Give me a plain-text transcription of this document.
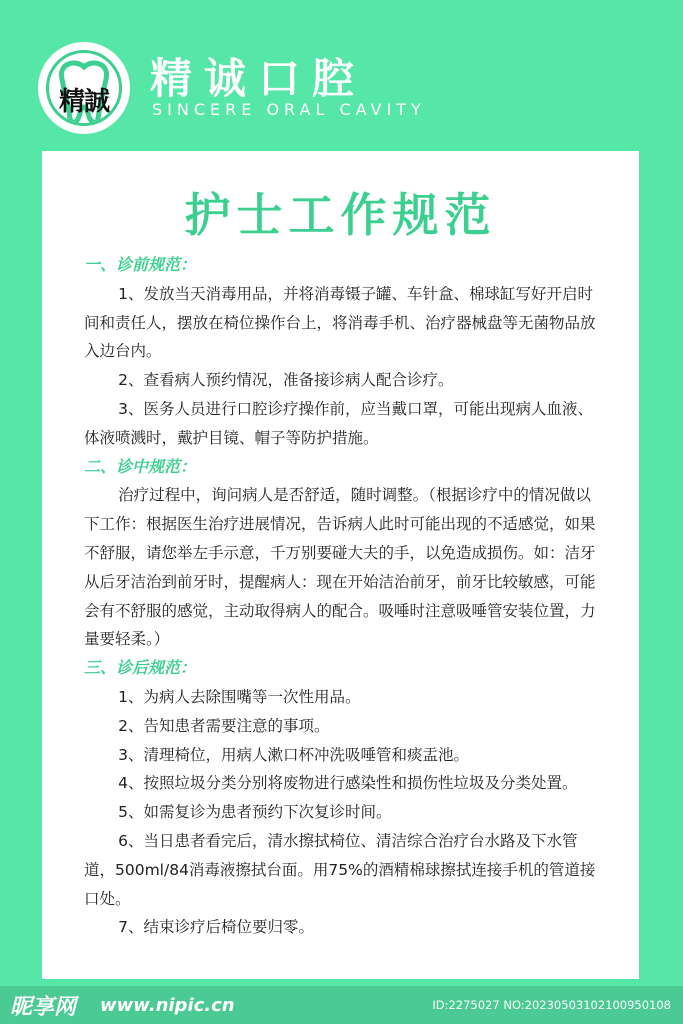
精誠 精诚口腔
SINCERE ORAL CAVITY
护士工作规范
一、诊前规范：

1、发放当天消毒用品，并将消毒镊子罐、车针盒、棉球缸写好开启时间和责任人，摆放在椅位操作台上，将消毒手机、治疗器械盘等无菌物品放入边台内。

2、查看病人预约情况，准备接诊病人配合诊疗。

3、医务人员进行口腔诊疗操作前，应当戴口罩，可能出现病人血液、体液喷溅时，戴护目镜、帽子等防护措施。

二、诊中规范：

治疗过程中，询问病人是否舒适，随时调整。（根据诊疗中的情况做以下工作：根据医生治疗进展情况，告诉病人此时可能出现的不适感觉，如果不舒服，请您举左手示意，千万别要碰大夫的手，以免造成损伤。如：洁牙从后牙洁治到前牙时，提醒病人：现在开始洁治前牙，前牙比较敏感，可能会有不舒服的感觉，主动取得病人的配合。吸唾时注意吸唾管安装位置，力量要轻柔。）

三、诊后规范：

1、为病人去除围嘴等一次性用品。

2、告知患者需要注意的事项。

3、清理椅位，用病人漱口杯冲洗吸唾管和痰盂池。

4、按照垃圾分类分别将废物进行感染性和损伤性垃圾及分类处置。

5、如需复诊为患者预约下次复诊时间。

6、当日患者看完后，清水擦拭椅位、清洁综合治疗台水路及下水管道，500ml/84消毒液擦拭台面。用75%的酒精棉球擦拭连接手机的管道接口处。

7、结束诊疗后椅位要归零。

昵享网 www.nipic.cn	ID:2275027 NO:20230503102100950108
